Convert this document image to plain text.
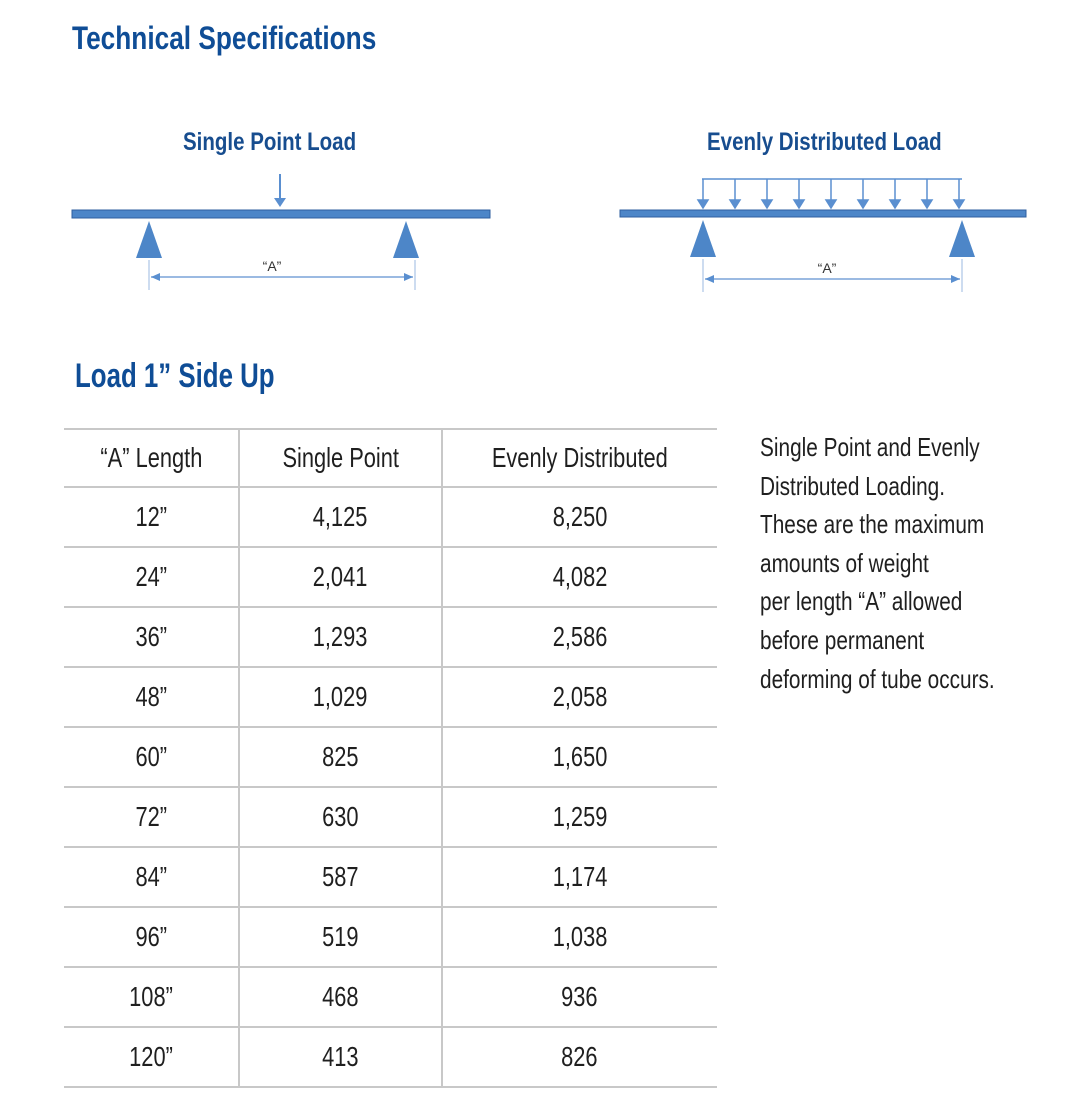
Technical Specifications
Single Point Load
“A”
Evenly Distributed Load
“A”
Load 1” Side Up
“A” Length	Single Point	Evenly Distributed
12”	4,125	8,250
24”	2,041	4,082
36”	1,293	2,586
48”	1,029	2,058
60”	825	1,650
72”	630	1,259
84”	587	1,174
96”	519	1,038
108”	468	936
120”	413	826
Single Point and Evenly
Distributed Loading.
These are the maximum
amounts of weight
per length “A” allowed
before permanent
deforming of tube occurs.
